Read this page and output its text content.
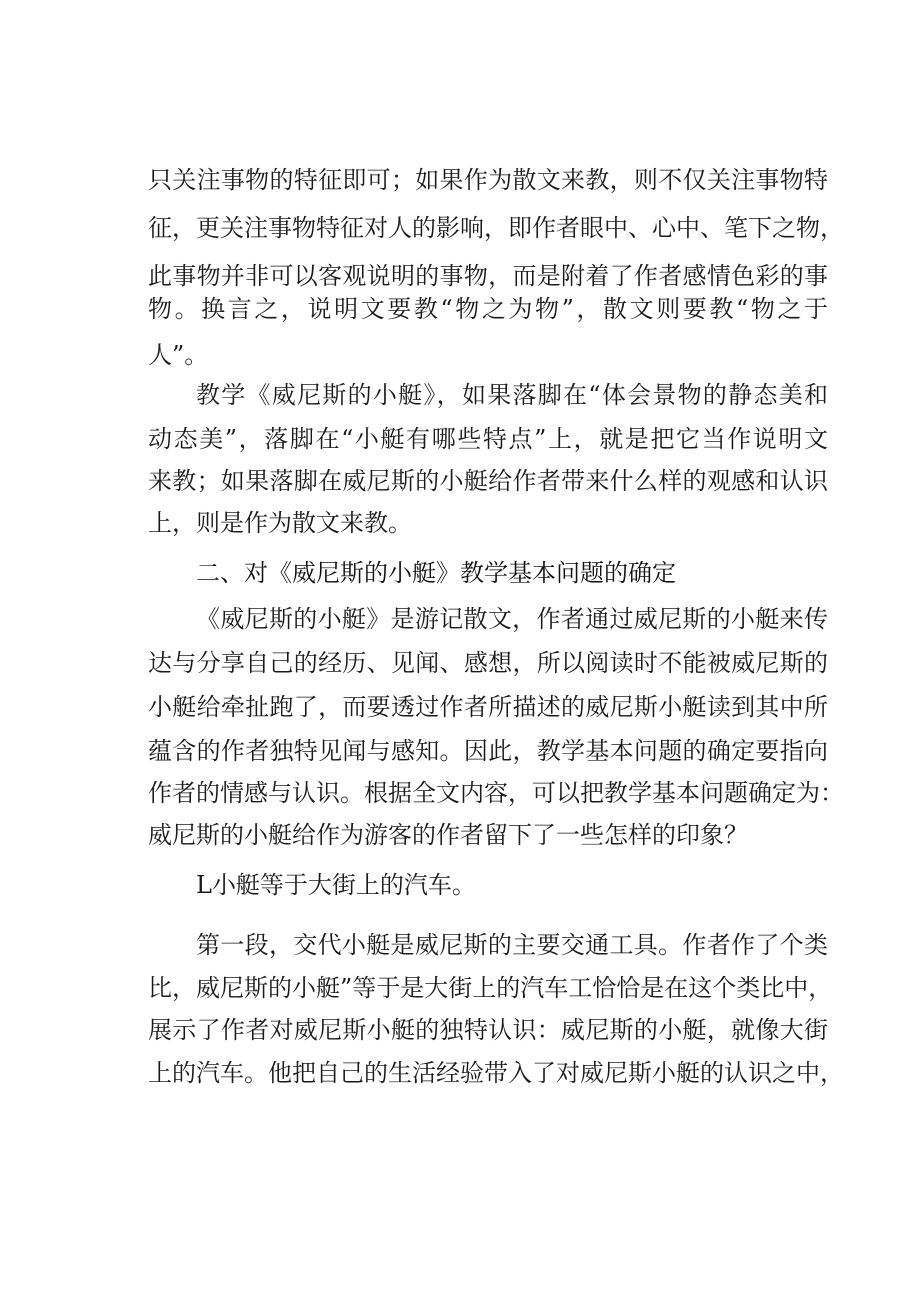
只关注事物的特征即可；如果作为散文来教，则不仅关注事物特
征，更关注事物特征对人的影响，即作者眼中、心中、笔下之物，
此事物并非可以客观说明的事物，而是附着了作者感情色彩的事
物。换言之，说明文要教“物之为物”，散文则要教“物之于
人”。
教学《威尼斯的小艇》，如果落脚在“体会景物的静态美和
动态美”，落脚在“小艇有哪些特点”上，就是把它当作说明文
来教；如果落脚在威尼斯的小艇给作者带来什么样的观感和认识
上，则是作为散文来教。
二、对《威尼斯的小艇》教学基本问题的确定
《威尼斯的小艇》是游记散文，作者通过威尼斯的小艇来传
达与分享自己的经历、见闻、感想，所以阅读时不能被威尼斯的
小艇给牵扯跑了，而要透过作者所描述的威尼斯小艇读到其中所
蕴含的作者独特见闻与感知。因此，教学基本问题的确定要指向
作者的情感与认识。根据全文内容，可以把教学基本问题确定为：
威尼斯的小艇给作为游客的作者留下了一些怎样的印象？
L小艇等于大街上的汽车。
第一段，交代小艇是威尼斯的主要交通工具。作者作了个类
比，威尼斯的小艇”等于是大街上的汽车工恰恰是在这个类比中，
展示了作者对威尼斯小艇的独特认识：威尼斯的小艇，就像大街
上的汽车。他把自己的生活经验带入了对威尼斯小艇的认识之中，
